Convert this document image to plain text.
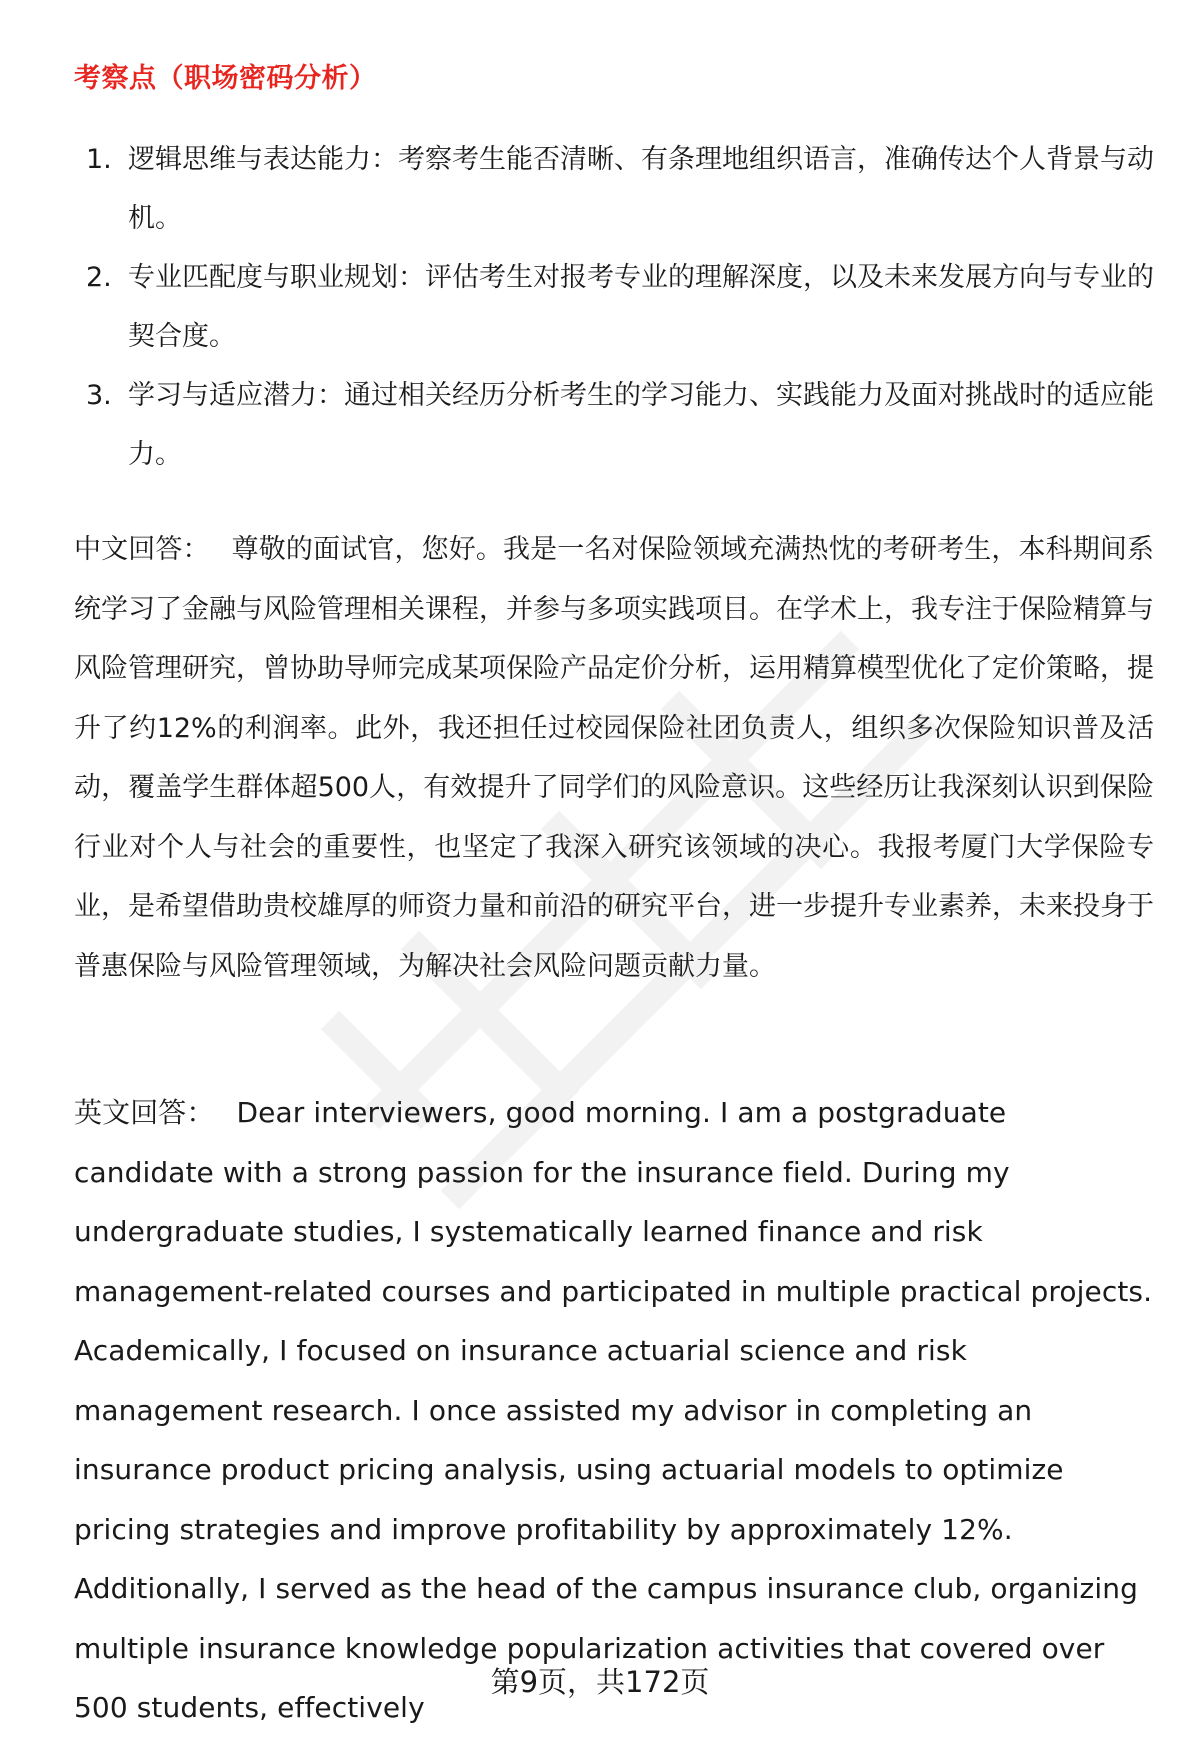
考察点（职场密码分析）
1. 逻辑思维与表达能力：考察考生能否清晰、有条理地组织语言，准确传达个人背景与动机。
2. 专业匹配度与职业规划：评估考生对报考专业的理解深度，以及未来发展方向与专业的契合度。
3. 学习与适应潜力：通过相关经历分析考生的学习能力、实践能力及面对挑战时的适应能力。

中文回答： 尊敬的面试官，您好。我是一名对保险领域充满热忱的考研考生，本科期间系统学习了金融与风险管理相关课程，并参与多项实践项目。在学术上，我专注于保险精算与风险管理研究，曾协助导师完成某项保险产品定价分析，运用精算模型优化了定价策略，提升了约12%的利润率。此外，我还担任过校园保险社团负责人，组织多次保险知识普及活动，覆盖学生群体超500人，有效提升了同学们的风险意识。这些经历让我深刻认识到保险行业对个人与社会的重要性，也坚定了我深入研究该领域的决心。我报考厦门大学保险专业，是希望借助贵校雄厚的师资力量和前沿的研究平台，进一步提升专业素养，未来投身于普惠保险与风险管理领域，为解决社会风险问题贡献力量。

英文回答： Dear interviewers, good morning. I am a postgraduate candidate with a strong passion for the insurance field. During my undergraduate studies, I systematically learned finance and risk management-related courses and participated in multiple practical projects. Academically, I focused on insurance actuarial science and risk management research. I once assisted my advisor in completing an insurance product pricing analysis, using actuarial models to optimize pricing strategies and improve profitability by approximately 12%. Additionally, I served as the head of the campus insurance club, organizing multiple insurance knowledge popularization activities that covered over 500 students, effectively

第9页，共172页
